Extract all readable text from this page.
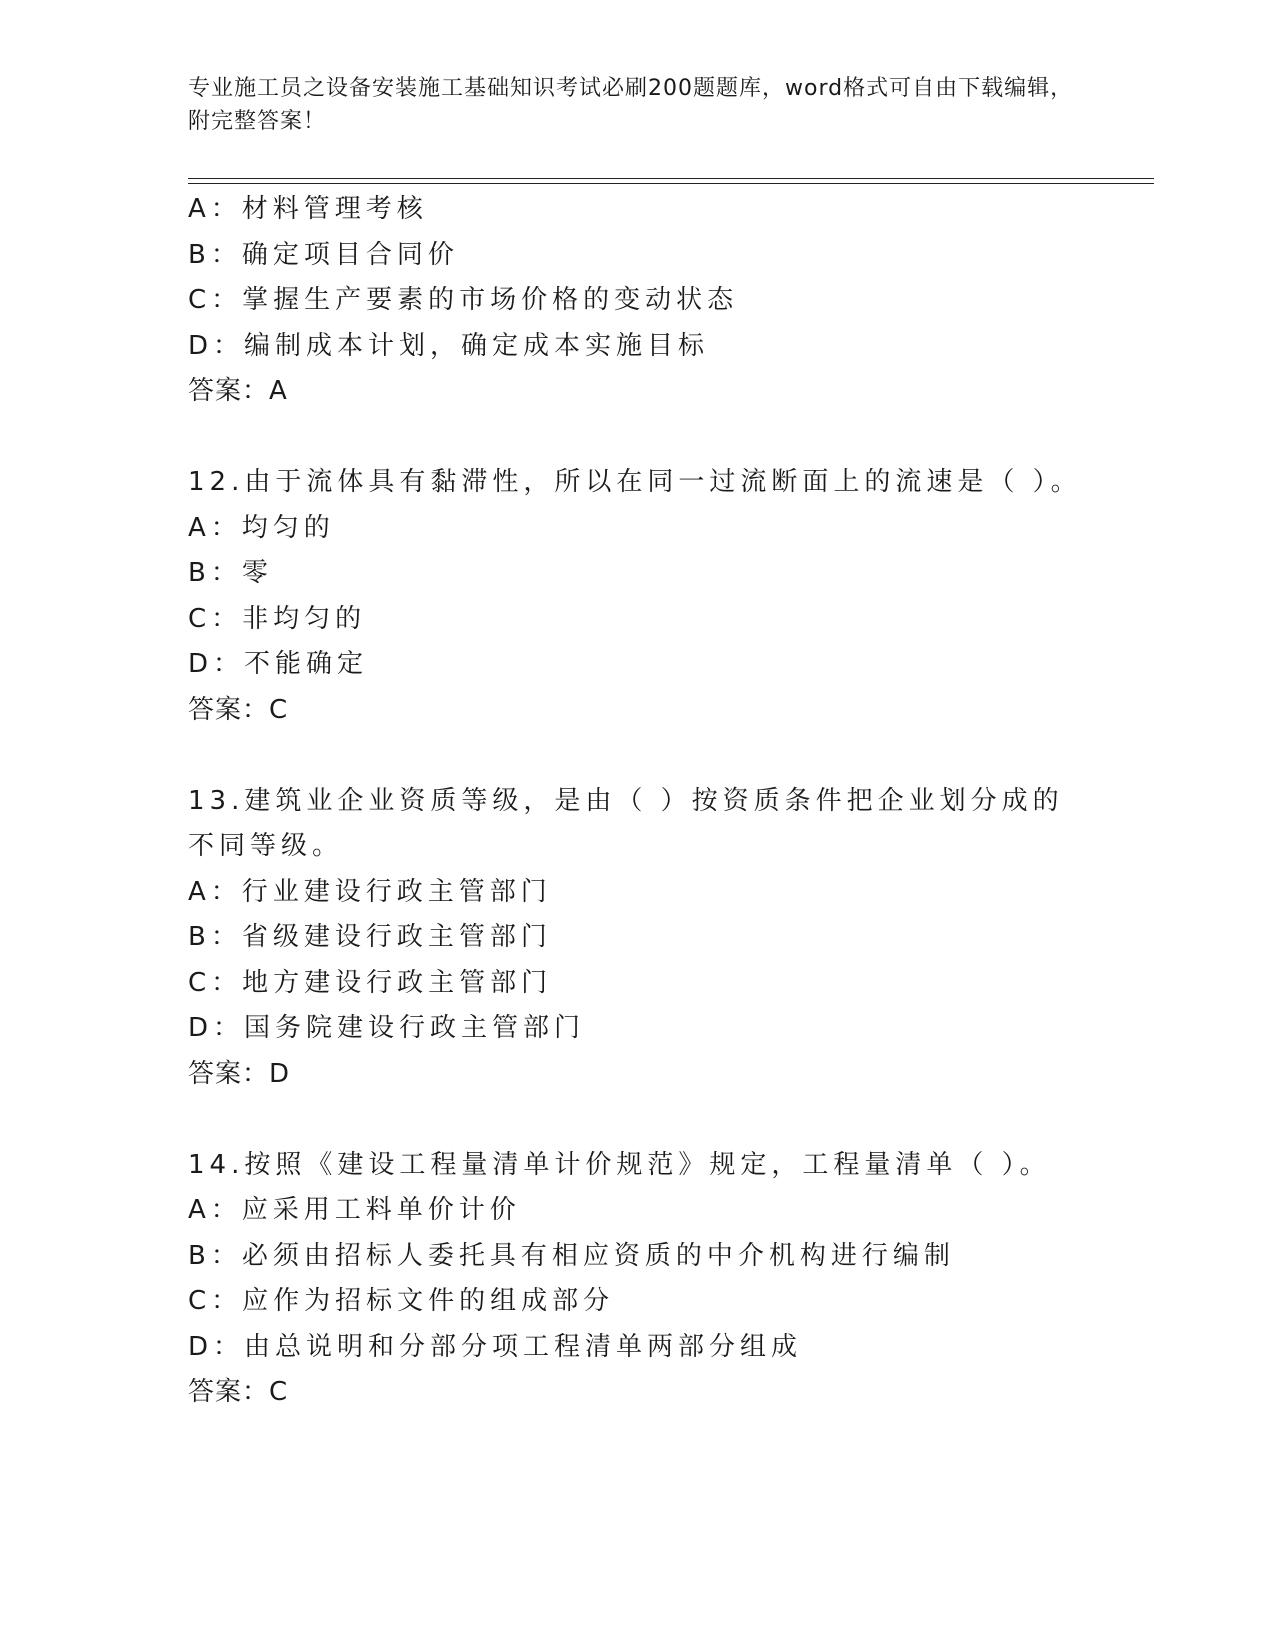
专业施工员之设备安装施工基础知识考试必刷200题题库，word格式可自由下载编辑，附完整答案！
A：材料管理考核
B：确定项目合同价
C：掌握生产要素的市场价格的变动状态
D：编制成本计划，确定成本实施目标
答案：A
12.由于流体具有黏滞性，所以在同一过流断面上的流速是（ ）。
A：均匀的
B：零
C：非均匀的
D：不能确定
答案：C
13.建筑业企业资质等级，是由（ ）按资质条件把企业划分成的不同等级。
A：行业建设行政主管部门
B：省级建设行政主管部门
C：地方建设行政主管部门
D：国务院建设行政主管部门
答案：D
14.按照《建设工程量清单计价规范》规定，工程量清单（ ）。
A：应采用工料单价计价
B：必须由招标人委托具有相应资质的中介机构进行编制
C：应作为招标文件的组成部分
D：由总说明和分部分项工程清单两部分组成
答案：C
